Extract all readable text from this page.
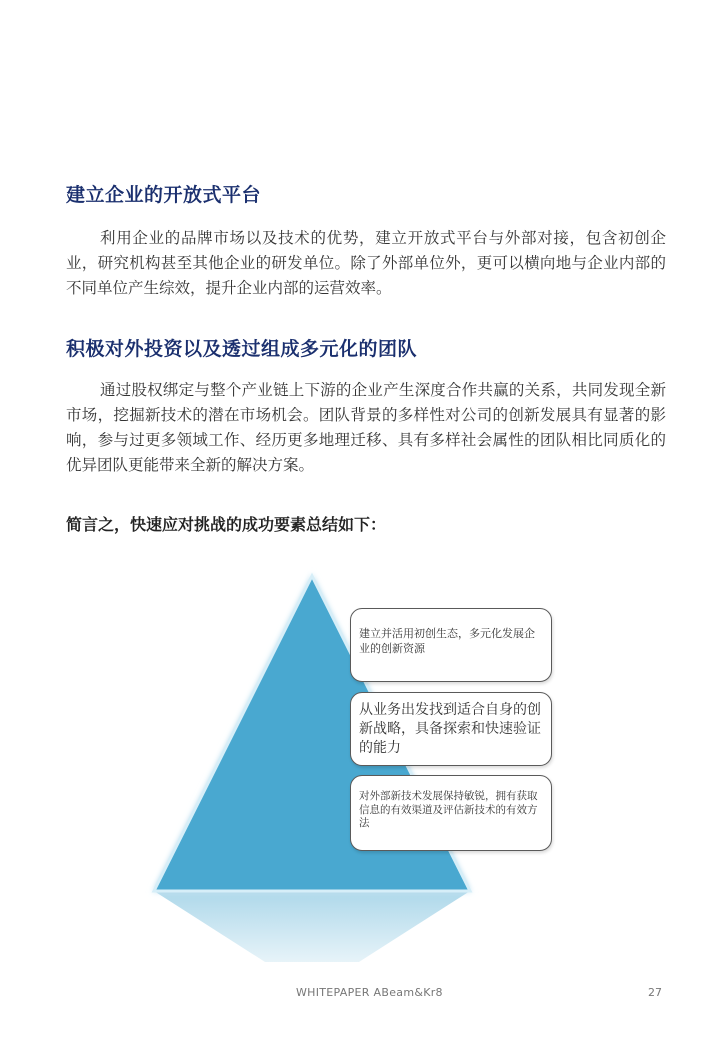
建立企业的开放式平台

利用企业的品牌市场以及技术的优势，建立开放式平台与外部对接，包含初创企业，研究机构甚至其他企业的研发单位。除了外部单位外，更可以横向地与企业内部的不同单位产生综效，提升企业内部的运营效率。

积极对外投资以及透过组成多元化的团队

通过股权绑定与整个产业链上下游的企业产生深度合作共赢的关系，共同发现全新市场，挖掘新技术的潜在市场机会。团队背景的多样性对公司的创新发展具有显著的影响，参与过更多领域工作、经历更多地理迁移、具有多样社会属性的团队相比同质化的优异团队更能带来全新的解决方案。

简言之，快速应对挑战的成功要素总结如下：

建立并活用初创生态，多元化发展企业的创新资源
从业务出发找到适合自身的创新战略，具备探索和快速验证的能力
对外部新技术发展保持敏锐，拥有获取信息的有效渠道及评估新技术的有效方法
WHITEPAPER ABeam&Kr8	27
